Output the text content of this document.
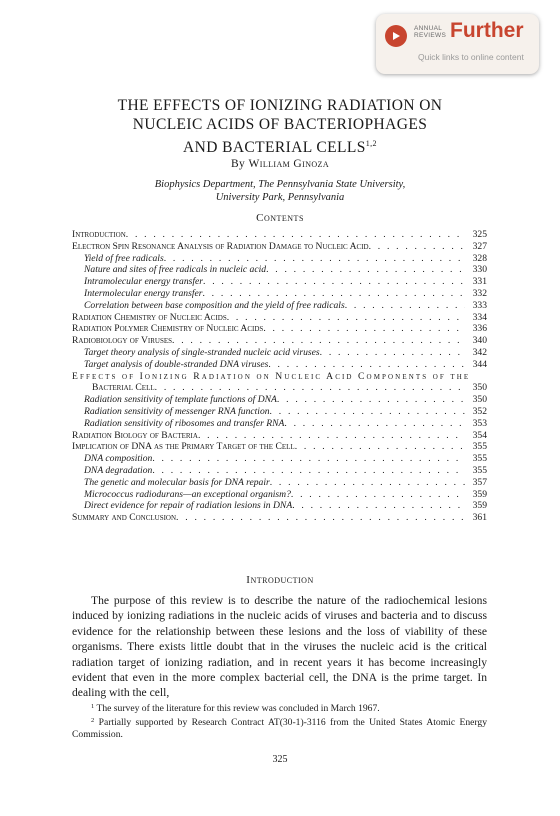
ANNUAL
REVIEWS Further
Quick links to online content
THE EFFECTS OF IONIZING RADIATION ON
NUCLEIC ACIDS OF BACTERIOPHAGES
AND BACTERIAL CELLS$^{1,2}$
By William Ginoza
Biophysics Department, The Pennsylvania State University,
University Park, Pennsylvania
Contents
Introduction . . .	325
Electron Spin Resonance Analysis of Radiation Damage to Nucleic Acid . . .	327
Yield of free radicals . . .	328
Nature and sites of free radicals in nucleic acid . . .	330
Intramolecular energy transfer . . .	331
Intermolecular energy transfer . . .	332
Correlation between base composition and the yield of free radicals . . .	333
Radiation Chemistry of Nucleic Acids . . .	334
Radiation Polymer Chemistry of Nucleic Acids . . .	336
Radiobiology of Viruses . . .	340
Target theory analysis of single-stranded nucleic acid viruses . . .	342
Target analysis of double-stranded DNA viruses . . .	344
Effects of Ionizing Radiation on Nucleic Acid Components of the
Bacterial Cell . . .	350
Radiation sensitivity of template functions of DNA . . .	350
Radiation sensitivity of messenger RNA function . . .	352
Radiation sensitivity of ribosomes and transfer RNA . . .	353
Radiation Biology of Bacteria . . .	354
Implication of DNA as the Primary Target of the Cell . . .	355
DNA composition . . .	355
DNA degradation . . .	355
The genetic and molecular basis for DNA repair . . .	357
Micrococcus radiodurans—an exceptional organism? . . .	359
Direct evidence for repair of radiation lesions in DNA . . .	359
Summary and Conclusion . . .	361
Introduction

The purpose of this review is to describe the nature of the radiochemical lesions induced by ionizing radiations in the nucleic acids of viruses and bacteria and to discuss evidence for the relationship between these lesions and the loss of viability of these organisms. There exists little doubt that in the viruses the nucleic acid is the critical radiation target of ionizing radiation, and in recent years it has become increasingly evident that even in the more complex bacterial cell, the DNA is the prime target. In dealing with the cell,

$^1$ The survey of the literature for this review was concluded in March 1967.

$^2$ Partially supported by Research Contract AT(30-1)-3116 from the United States Atomic Energy Commission.

325
